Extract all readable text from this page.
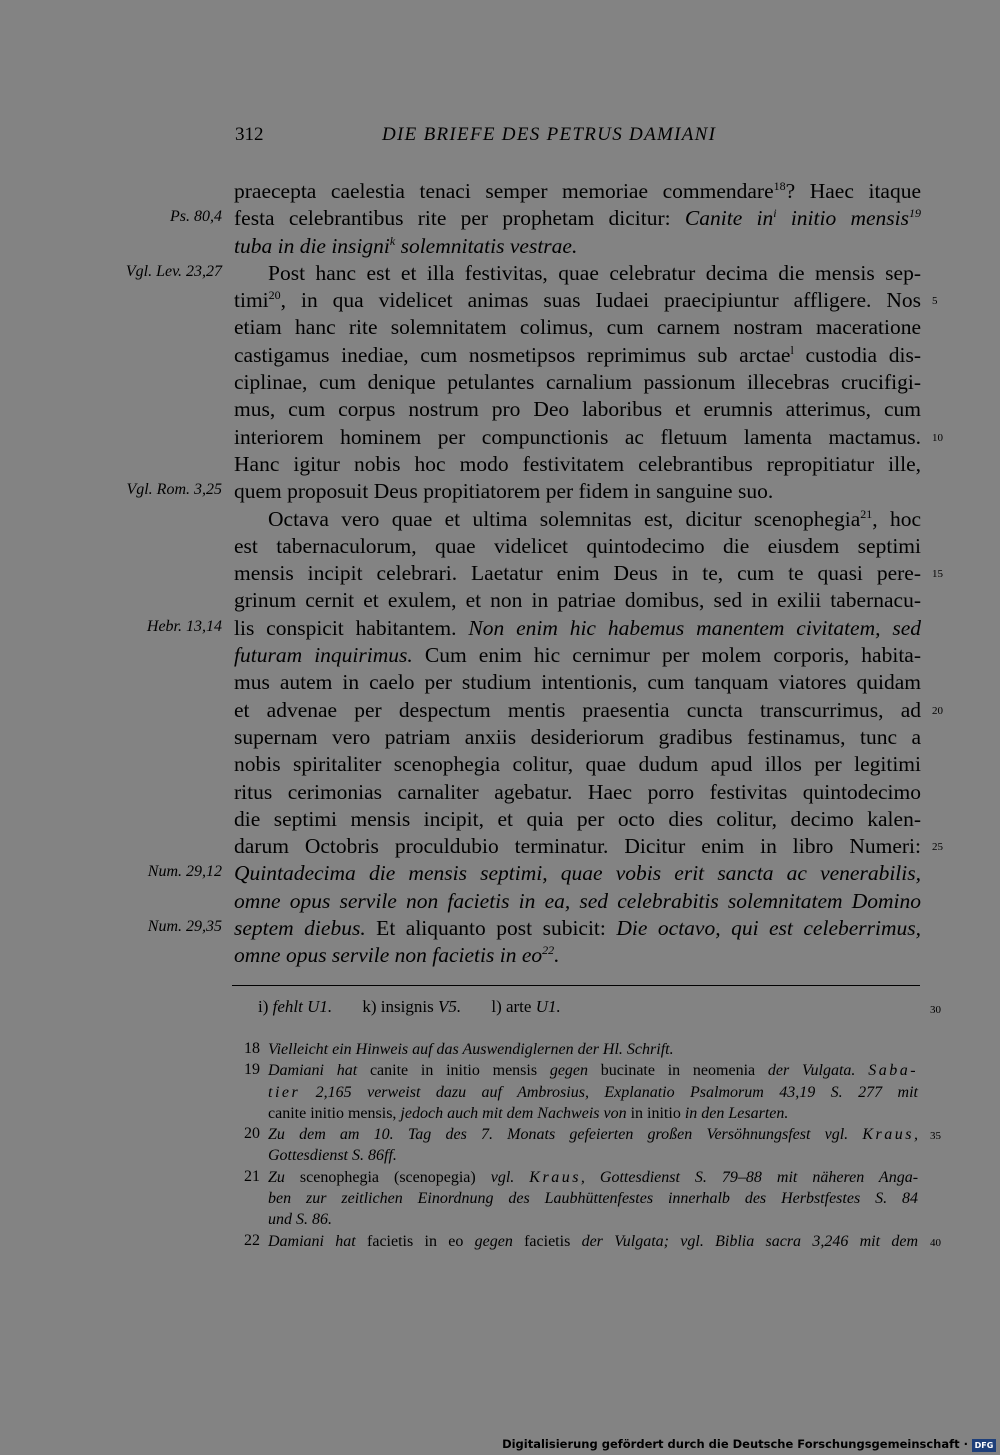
312	DIE BRIEFE DES PETRUS DAMIANI
praecepta caelestia tenaci semper memoriae commendare$^{18}$? Haec itaque
Ps. 80,4 festa celebrantibus rite per prophetam dicitur: Canite $in^i$ initio mensis$^{19}$
tuba in die insigni$^k$ solemnitatis vestrae.
Vgl. Lev. 23,27 Post hanc est et illa festivitas, quae celebratur decima die mensis sep-
timi$^{20}$, in qua videlicet animas suas Iudaei praecipiuntur affligere. Nos 5
etiam hanc rite solemnitatem colimus, cum carnem nostram maceratione
castigamus inediae, cum nosmetipsos reprimimus sub arctae$^l$ custodia dis-
ciplinae, cum denique petulantes carnalium passionum illecebras crucifigi-
mus, cum corpus nostrum pro Deo laboribus et erumnis atterimus, cum
interiorem hominem per compunctionis ac fletuum lamenta mactamus. 10
Hanc igitur nobis hoc modo festivitatem celebrantibus repropitiatur ille,
Vgl. Rom. 3,25 quem proposuit Deus propitiatorem per fidem in sanguine suo.
Octava vero quae et ultima solemnitas est, dicitur scenophegia$^{21}$, hoc
est tabernaculorum, quae videlicet quintodecimo die eiusdem septimi
mensis incipit celebrari. Laetatur enim Deus in te, cum te quasi pere- 15
grinum cernit et exulem, et non in patriae domibus, sed in exilii tabernacu-
Hebr. 13,14 lis conspicit habitantem. Non enim hic habemus manentem civitatem, sed
futuram inquirimus. Cum enim hic cernimur per molem corporis, habita-
mus autem in caelo per studium intentionis, cum tanquam viatores quidam
et advenae per despectum mentis praesentia cuncta transcurrimus, ad 20
supernam vero patriam anxiis desideriorum gradibus festinamus, tunc a
nobis spiritaliter scenophegia colitur, quae dudum apud illos per legitimi
ritus cerimonias carnaliter agebatur. Haec porro festivitas quintodecimo
die septimi mensis incipit, et quia per octo dies colitur, decimo kalen-
darum Octobris proculdubio terminatur. Dicitur enim in libro Numeri: 25
Num. 29,12 Quintadecima die mensis septimi, quae vobis erit sancta ac venerabilis,
omne opus servile non facietis in ea, sed celebrabitis solemnitatem Domino
Num. 29,35 septem diebus. Et aliquanto post subicit: Die octavo, qui est celeberrimus,
omne opus servile non facietis in $eo^{22}$.
i) fehlt U1. k) insignis V5. l) arte U1.	30
18 Vielleicht ein Hinweis auf das Auswendiglernen der Hl. Schrift.
19 Damiani hat canite in initio mensis gegen bucinate in neomenia der Vulgata. Saba-
tier 2,165 verweist dazu auf Ambrosius, Explanatio Psalmorum 43,19 S. 277 mit
canite initio mensis, jedoch auch mit dem Nachweis von in initio in den Lesarten.
20 Zu dem am 10. Tag des 7. Monats gefeierten großen Versöhnungsfest vgl. Kraus, 35
Gottesdienst S. 86ff.
21 Zu scenophegia (scenopegia) vgl. Kraus, Gottesdienst S. 79–88 mit näheren Anga-
ben zur zeitlichen Einordnung des Laubhüttenfestes innerhalb des Herbstfestes S. 84
und S. 86.
22 Damiani hat facietis in eo gegen facietis der Vulgata; vgl. Biblia sacra 3,246 mit dem 40
Digitalisierung gefördert durch die Deutsche Forschungsgemeinschaft · DFG
